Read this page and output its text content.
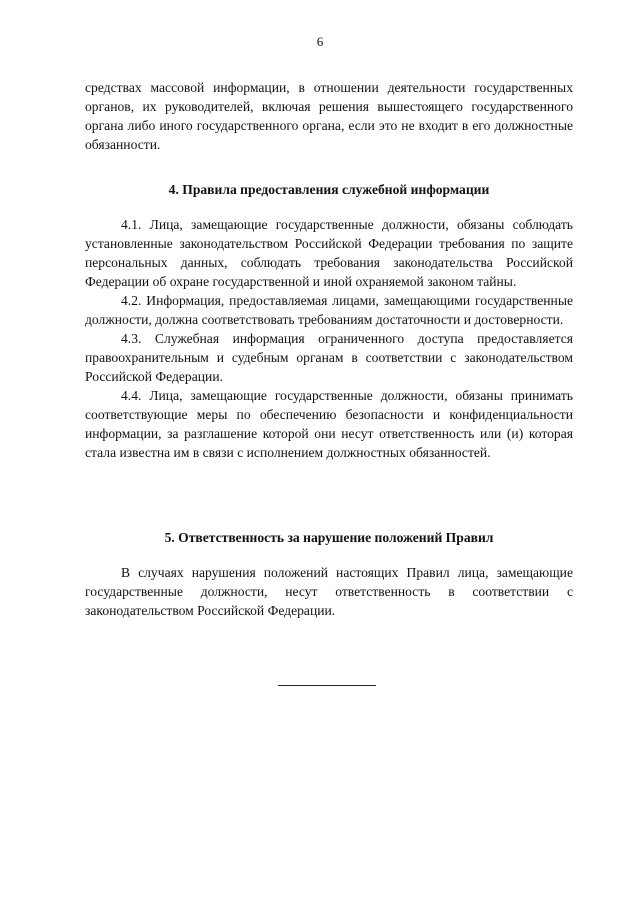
6

средствах массовой информации, в отношении деятельности государственных органов, их руководителей, включая решения вышестоящего государственного органа либо иного государственного органа, если это не входит в его должностные обязанности.

4. Правила предоставления служебной информации

4.1. Лица, замещающие государственные должности, обязаны соблюдать установленные законодательством Российской Федерации требования по защите персональных данных, соблюдать требования законодательства Российской Федерации об охране государственной и иной охраняемой законом тайны.

4.2. Информация, предоставляемая лицами, замещающими государственные должности, должна соответствовать требованиям достаточности и достоверности.

4.3. Служебная информация ограниченного доступа предоставляется правоохранительным и судебным органам в соответствии с законодательством Российской Федерации.

4.4. Лица, замещающие государственные должности, обязаны принимать соответствующие меры по обеспечению безопасности и конфиденциальности информации, за разглашение которой они несут ответственность или (и) которая стала известна им в связи с исполнением должностных обязанностей.

5. Ответственность за нарушение положений Правил

В случаях нарушения положений настоящих Правил лица, замещающие государственные должности, несут ответственность в соответствии с законодательством Российской Федерации.
